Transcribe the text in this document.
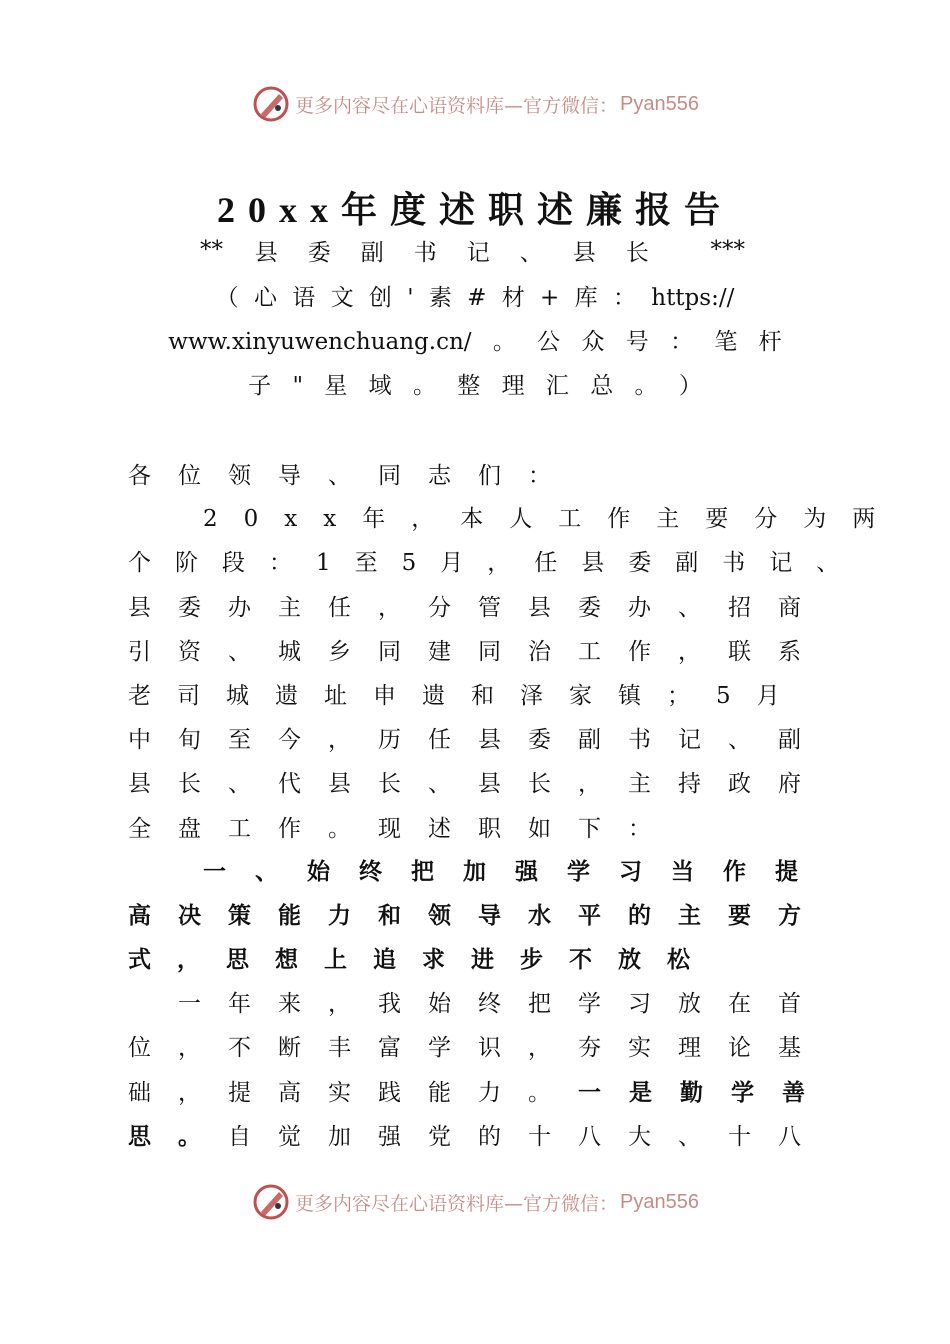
更多内容尽在心语资料库—官方微信： Pyan556
20xx年度述职述廉报告
** 县委副书记、县长 ***
（ 心 语 文 创 ' 素 # 材 + 库 ： https://
www.xinyuwenchuang.cn/ 。 公 众 号 ： 笔 杆
子 " 星 域 。 整 理 汇 总 。 ）
各位领导、同志们：
20xx年，本人工作主要分为两
个阶段：1至5月，任县委副书记、
县委办主任，分管县委办、招商
引资、城乡同建同治工作，联系
老司城遗址申遗和泽家镇；5月
中旬至今，历任县委副书记、副
县长、代县长、县长，主持政府
全盘工作。现述职如下：
一、始终把加强学习当作提
高决策能力和领导水平的主要方
式，思想上追求进步不放松
一年来，我始终把学习放在首
位，不断丰富学识，夯实理论基
础，提高实践能力。 一是勤学善
思。 自觉加强党的十八大、十八
更多内容尽在心语资料库—官方微信： Pyan556
